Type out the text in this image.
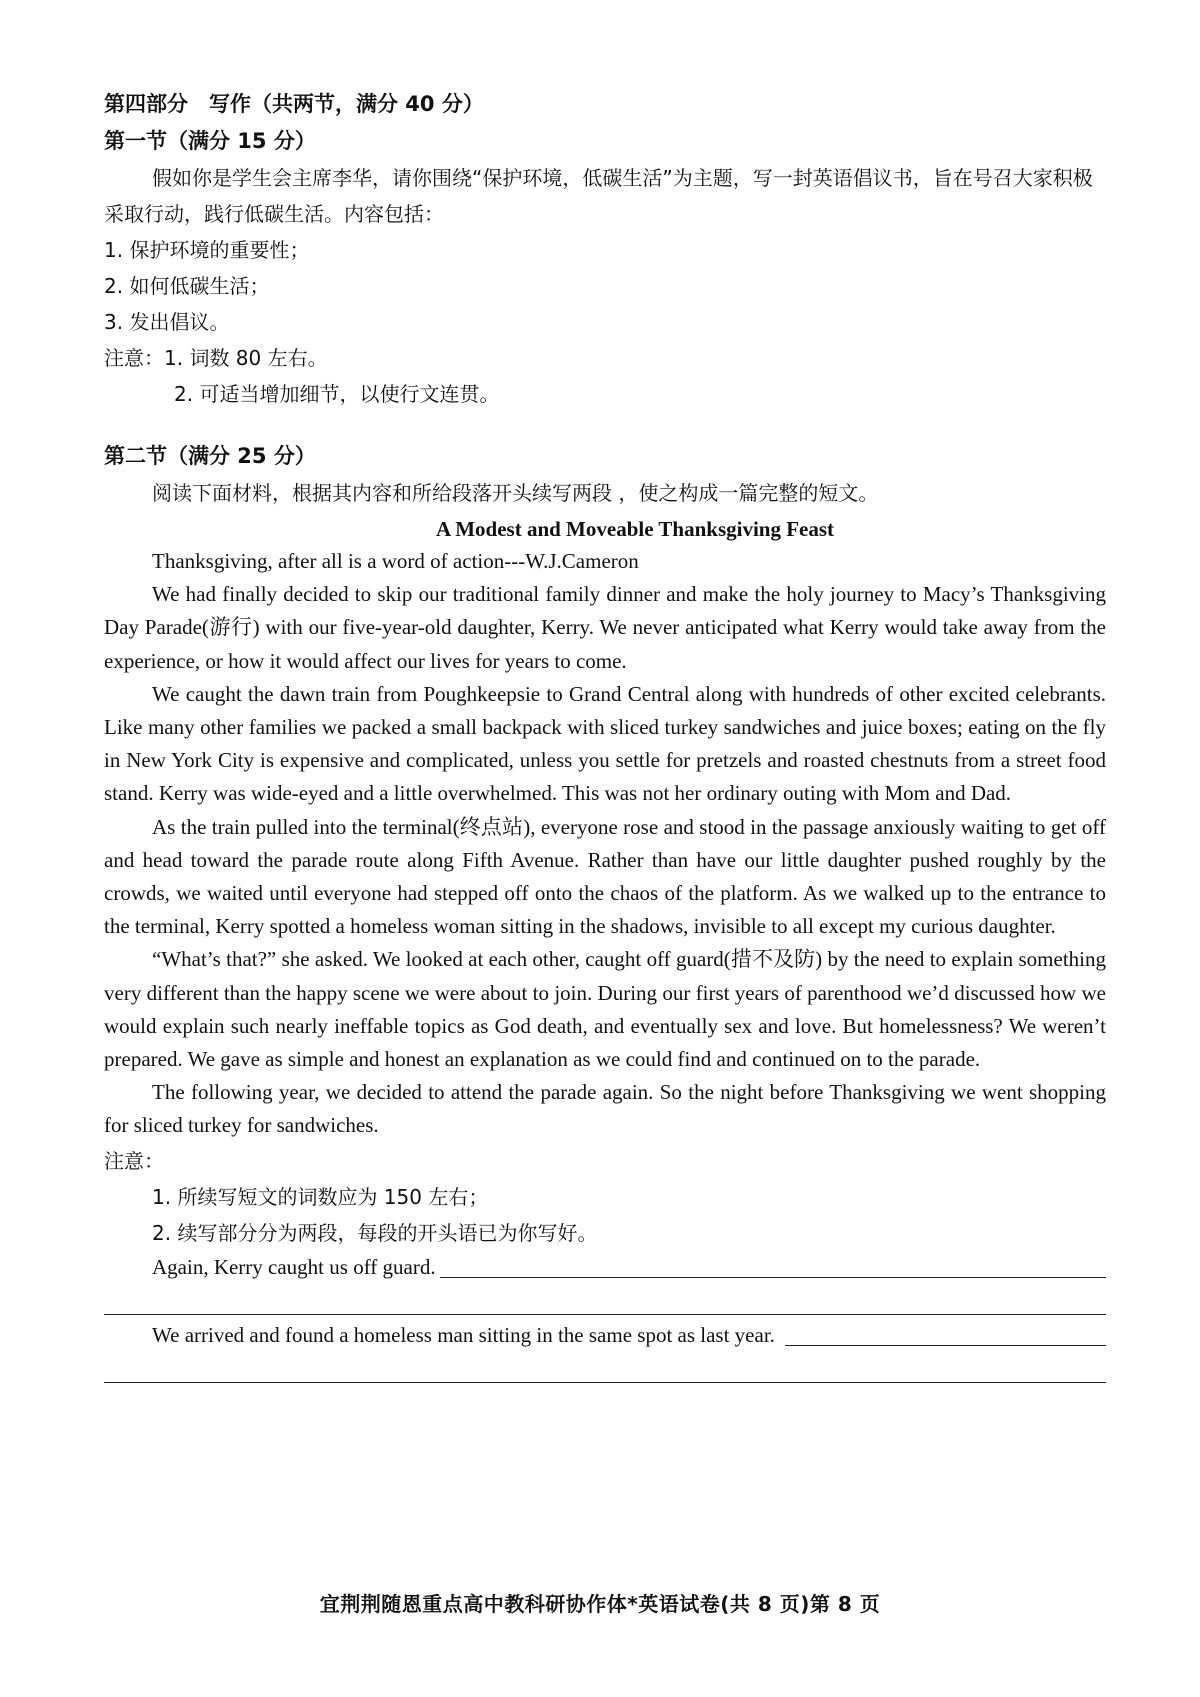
第四部分　写作（共两节，满分 40 分）

第一节（满分 15 分）

假如你是学生会主席李华，请你围绕“保护环境，低碳生活”为主题，写一封英语倡议书，旨在号召大家积极采取行动，践行低碳生活。内容包括：

1. 保护环境的重要性；

2. 如何低碳生活；

3. 发出倡议。

注意：1. 词数 80 左右。

2. 可适当增加细节，以使行文连贯。

第二节（满分 25 分）

阅读下面材料，根据其内容和所给段落开头续写两段 ，使之构成一篇完整的短文。

A Modest and Moveable Thanksgiving Feast

Thanksgiving, after all is a word of action---W.J.Cameron

We had finally decided to skip our traditional family dinner and make the holy journey to Macy’s Thanksgiving Day Parade(游行) with our five-year-old daughter, Kerry. We never anticipated what Kerry would take away from the experience, or how it would affect our lives for years to come.

We caught the dawn train from Poughkeepsie to Grand Central along with hundreds of other excited celebrants. Like many other families we packed a small backpack with sliced turkey sandwiches and juice boxes; eating on the fly in New York City is expensive and complicated, unless you settle for pretzels and roasted chestnuts from a street food stand. Kerry was wide-eyed and a little overwhelmed. This was not her ordinary outing with Mom and Dad.

As the train pulled into the terminal(终点站), everyone rose and stood in the passage anxiously waiting to get off and head toward the parade route along Fifth Avenue. Rather than have our little daughter pushed roughly by the crowds, we waited until everyone had stepped off onto the chaos of the platform. As we walked up to the entrance to the terminal, Kerry spotted a homeless woman sitting in the shadows, invisible to all except my curious daughter.

“What’s that?” she asked. We looked at each other, caught off guard(措不及防) by the need to explain something very different than the happy scene we were about to join. During our first years of parenthood we’d discussed how we would explain such nearly ineffable topics as God death, and eventually sex and love. But homelessness? We weren’t prepared. We gave as simple and honest an explanation as we could find and continued on to the parade.

The following year, we decided to attend the parade again. So the night before Thanksgiving we went shopping for sliced turkey for sandwiches.

注意：

1. 所续写短文的词数应为 150 左右；

2. 续写部分分为两段，每段的开头语已为你写好。

Again, Kerry caught us off guard.
We arrived and found a homeless man sitting in the same spot as last year.
宜荆荆随恩重点高中教科研协作体*英语试卷(共 8 页)第 8 页
